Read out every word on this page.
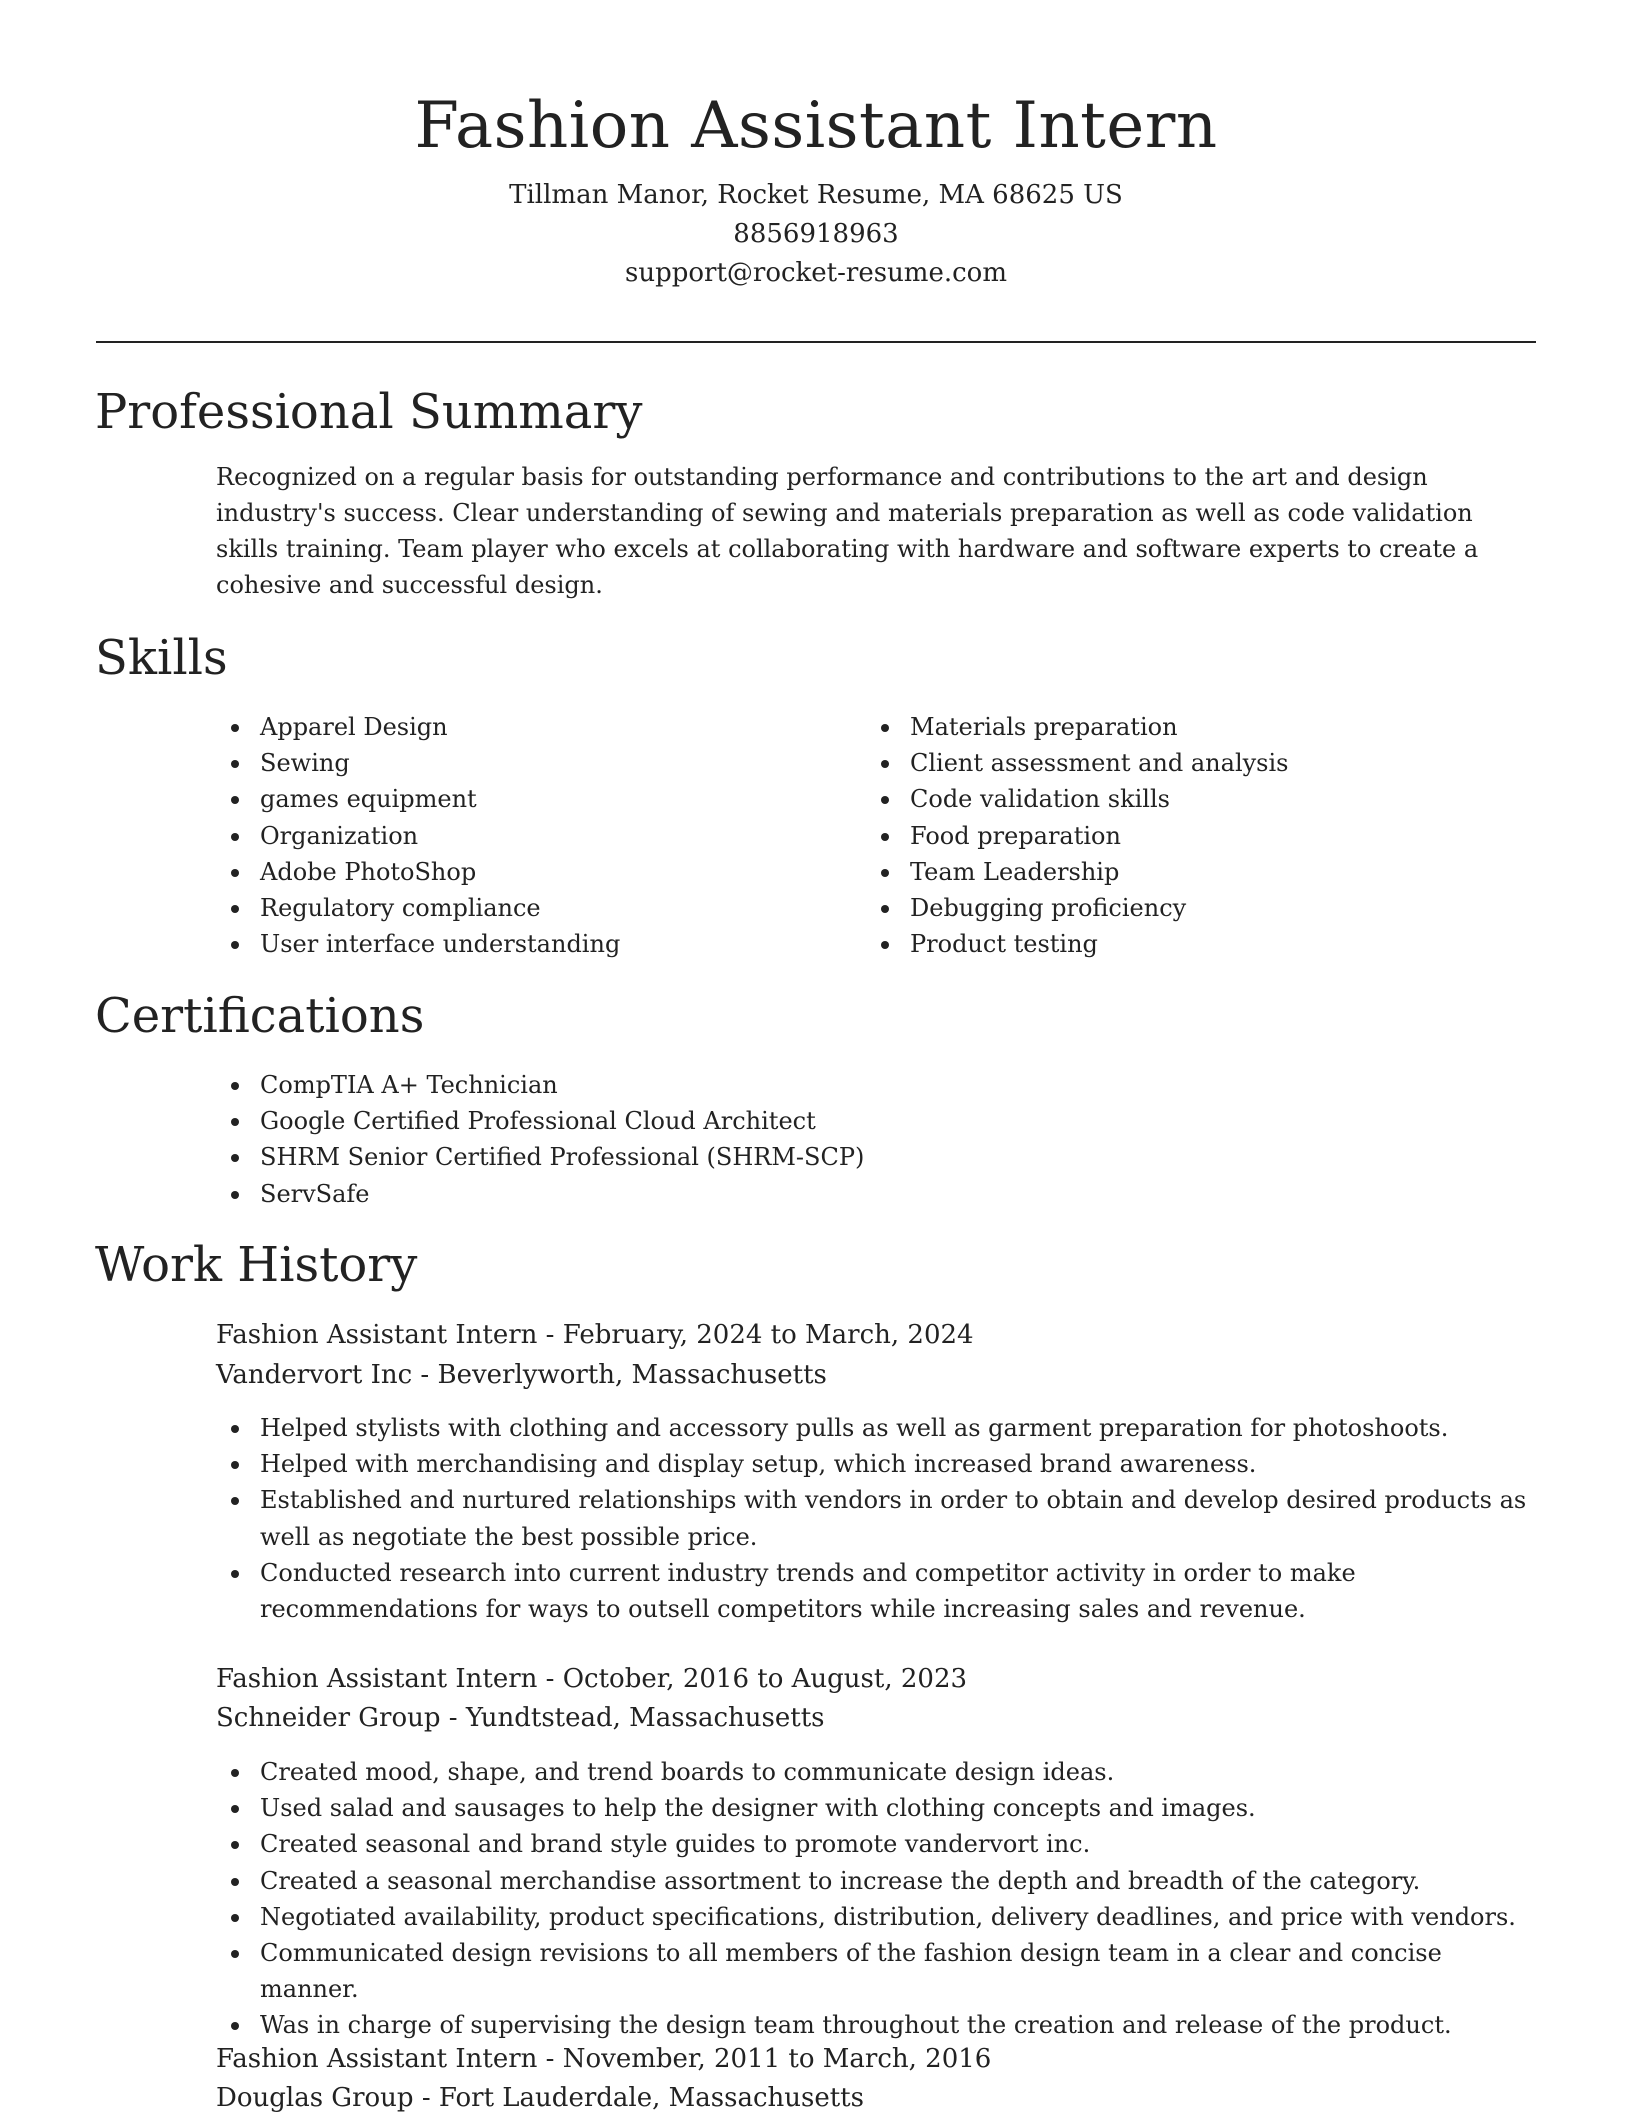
Fashion Assistant Intern

Tillman Manor, Rocket Resume, MA 68625 US

8856918963

support@rocket-resume.com

Professional Summary

Recognized on a regular basis for outstanding performance and contributions to the art and design industry's success. Clear understanding of sewing and materials preparation as well as code validation skills training. Team player who excels at collaborating with hardware and software experts to create a cohesive and successful design.

Skills
Apparel Design
Sewing
games equipment
Organization
Adobe PhotoShop
Regulatory compliance
User interface understanding
Materials preparation
Client assessment and analysis
Code validation skills
Food preparation
Team Leadership
Debugging proficiency
Product testing
Certifications
CompTIA A+ Technician
Google Certified Professional Cloud Architect
SHRM Senior Certified Professional (SHRM-SCP)
ServSafe
Work History
Fashion Assistant Intern - February, 2024 to March, 2024
Vandervort Inc - Beverlyworth, Massachusetts
Helped stylists with clothing and accessory pulls as well as garment preparation for photoshoots.
Helped with merchandising and display setup, which increased brand awareness.
Established and nurtured relationships with vendors in order to obtain and develop desired products as well as negotiate the best possible price.
Conducted research into current industry trends and competitor activity in order to make recommendations for ways to outsell competitors while increasing sales and revenue.
Fashion Assistant Intern - October, 2016 to August, 2023
Schneider Group - Yundtstead, Massachusetts
Created mood, shape, and trend boards to communicate design ideas.
Used salad and sausages to help the designer with clothing concepts and images.
Created seasonal and brand style guides to promote vandervort inc.
Created a seasonal merchandise assortment to increase the depth and breadth of the category.
Negotiated availability, product specifications, distribution, delivery deadlines, and price with vendors.
Communicated design revisions to all members of the fashion design team in a clear and concise manner.
Was in charge of supervising the design team throughout the creation and release of the product.
Fashion Assistant Intern - November, 2011 to March, 2016
Douglas Group - Fort Lauderdale, Massachusetts
